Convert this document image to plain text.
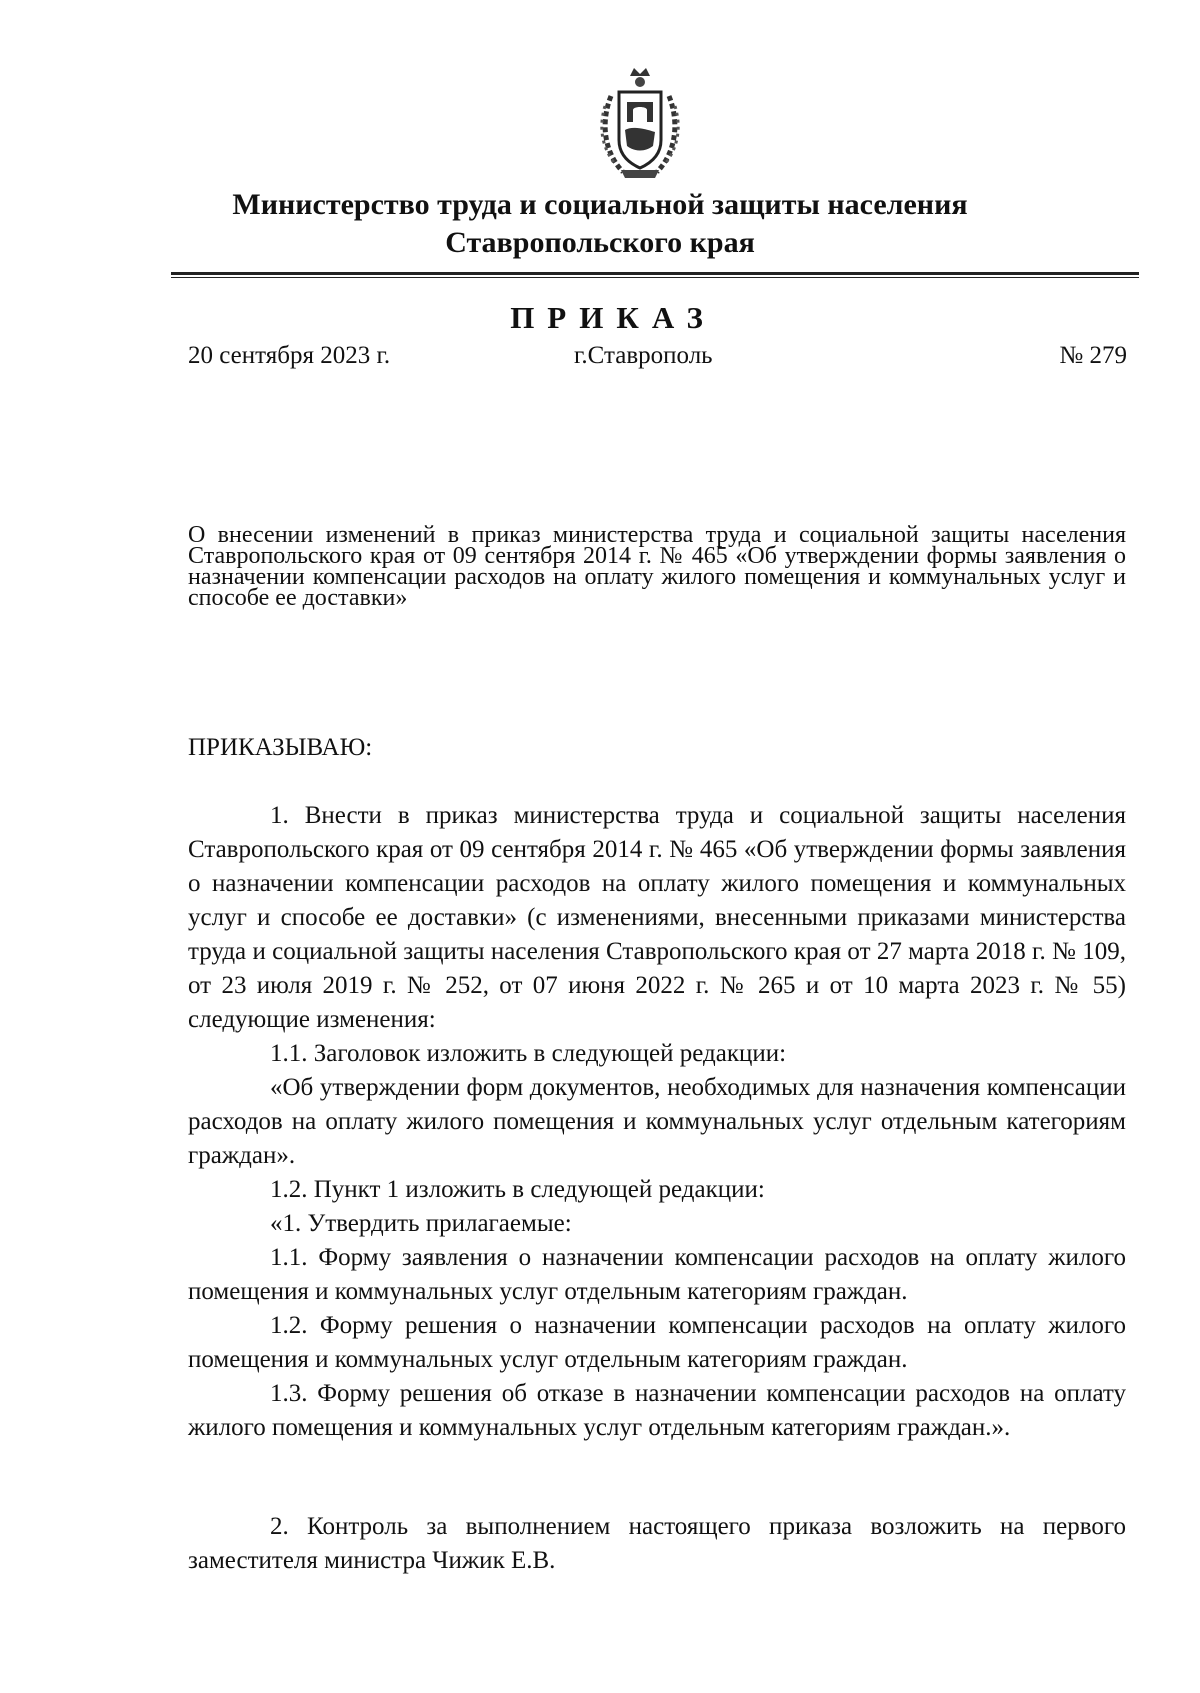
Министерство труда и социальной защиты населения
Ставропольского края
ПРИКАЗ
20 сентября 2023 г.	г.Ставрополь	№ 279

О внесении изменений в приказ министерства труда и социальной защиты населения Ставропольского края от 09 сентября 2014 г. № 465 «Об утверждении формы заявления о назначении компенсации расходов на оплату жилого помещения и коммунальных услуг и способе ее доставки»

ПРИКАЗЫВАЮ:

1. Внести в приказ министерства труда и социальной защиты населения Ставропольского края от 09 сентября 2014 г. № 465 «Об утверждении формы заявления о назначении компенсации расходов на оплату жилого помещения и коммунальных услуг и способе ее доставки» (с изменениями, внесенными приказами министерства труда и социальной защиты населения Ставропольского края от 27 марта 2018 г. № 109, от 23 июля 2019 г. № 252, от 07 июня 2022 г. № 265 и от 10 марта 2023 г. № 55) следующие изменения:

1.1. Заголовок изложить в следующей редакции:

«Об утверждении форм документов, необходимых для назначения компенсации расходов на оплату жилого помещения и коммунальных услуг отдельным категориям граждан».

1.2. Пункт 1 изложить в следующей редакции:

«1. Утвердить прилагаемые:

1.1. Форму заявления о назначении компенсации расходов на оплату жилого помещения и коммунальных услуг отдельным категориям граждан.

1.2. Форму решения о назначении компенсации расходов на оплату жилого помещения и коммунальных услуг отдельным категориям граждан.

1.3. Форму решения об отказе в назначении компенсации расходов на оплату жилого помещения и коммунальных услуг отдельным категориям граждан.».

2. Контроль за выполнением настоящего приказа возложить на первого заместителя министра Чижик Е.В.
